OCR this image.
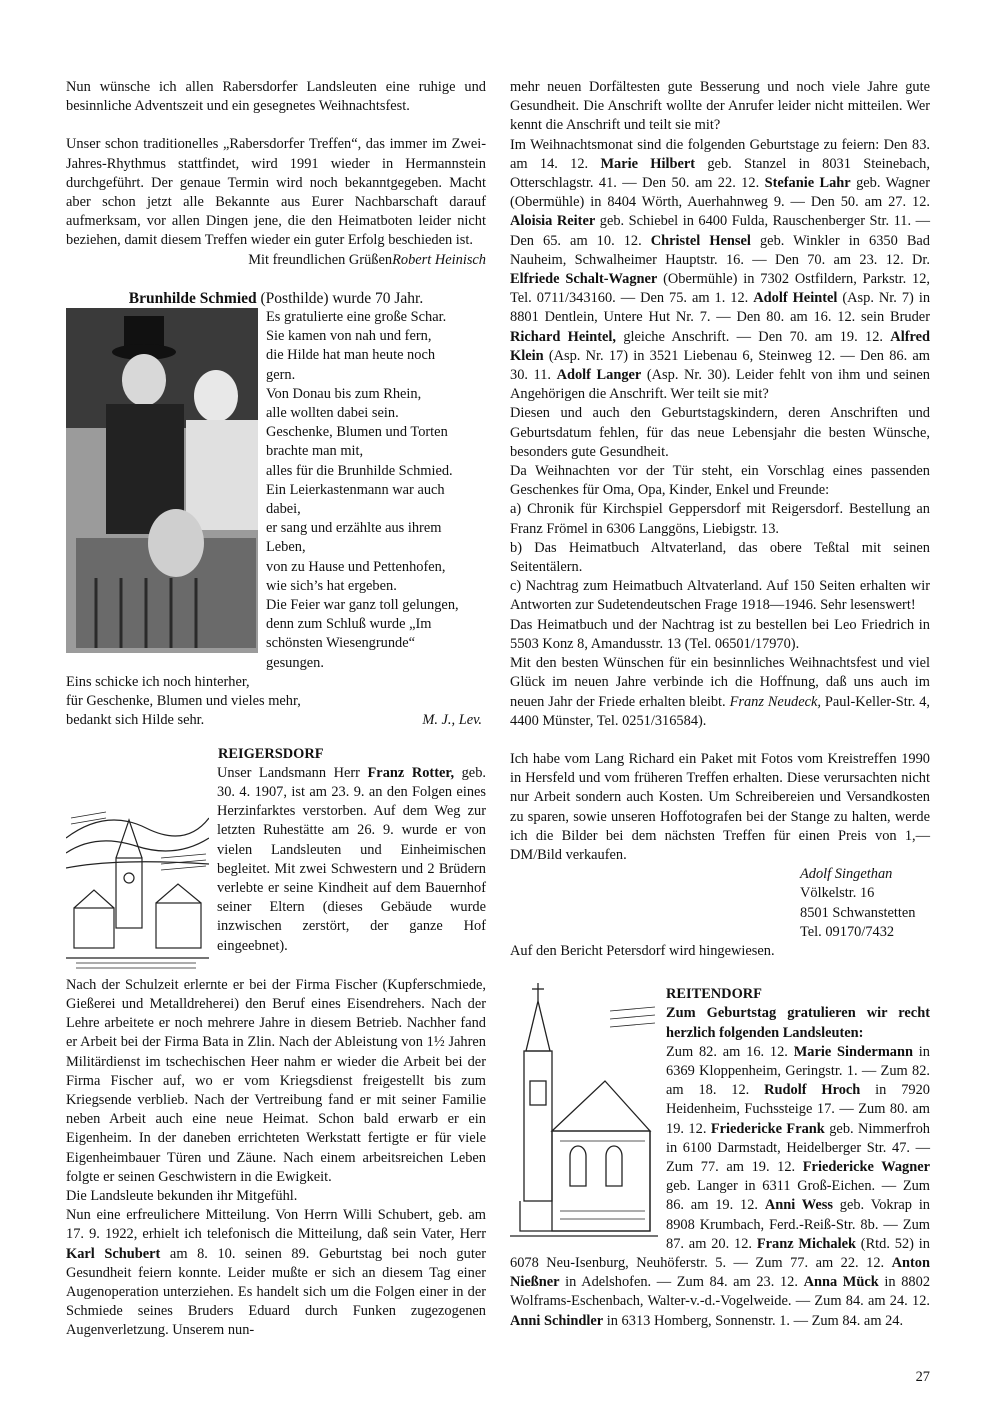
Nun wünsche ich allen Rabersdorfer Landsleuten eine ruhige und besinnliche Adventszeit und ein gesegnetes Weihnachtsfest.

Unser schon traditionelles „Rabersdorfer Treffen“, das immer im Zwei-Jahres-Rhythmus stattfindet, wird 1991 wieder in Hermannstein durchgeführt. Der genaue Termin wird noch bekanntgegeben. Macht aber schon jetzt alle Bekannte aus Eurer Nachbarschaft darauf aufmerksam, vor allen Dingen jene, die den Heimatboten leider nicht beziehen, damit diesem Treffen wieder ein guter Erfolg beschieden ist.

Mit freundlichen GrüßenRobert Heinisch

Brunhilde Schmied (Posthilde) wurde 70 Jahr.

Es gratulierte eine große Schar.

Sie kamen von nah und fern,

die Hilde hat man heute noch

gern.

Von Donau bis zum Rhein,

alle wollten dabei sein.

Geschenke, Blumen und Torten

brachte man mit,

alles für die Brunhilde Schmied.

Ein Leierkastenmann war auch

dabei,

er sang und erzählte aus ihrem

Leben,

von zu Hause und Pettenhofen,

wie sich’s hat ergeben.

Die Feier war ganz toll gelungen,

denn zum Schluß wurde „Im

schönsten Wiesengrunde“

gesungen.

Eins schicke ich noch hinterher,

für Geschenke, Blumen und vieles mehr,

bedankt sich Hilde sehr.	M. J., Lev.

REIGERSDORF

Unser Landsmann Herr Franz Rotter, geb. 30. 4. 1907, ist am 23. 9. an den Folgen eines Herzinfarktes verstorben. Auf dem Weg zur letzten Ruhestätte am 26. 9. wurde er von vielen Landsleuten und Einheimischen begleitet. Mit zwei Schwestern und 2 Brüdern verlebte er seine Kindheit auf dem Bauernhof seiner Eltern (dieses Gebäude wurde inzwischen zerstört, der ganze Hof eingeebnet).

Nach der Schulzeit erlernte er bei der Firma Fischer (Kupferschmiede, Gießerei und Metalldreherei) den Beruf eines Eisendrehers. Nach der Lehre arbeitete er noch mehrere Jahre in diesem Betrieb. Nachher fand er Arbeit bei der Firma Bata in Zlin. Nach der Ableistung von 1½ Jahren Militärdienst im tschechischen Heer nahm er wieder die Arbeit bei der Firma Fischer auf, wo er vom Kriegsdienst freigestellt bis zum Kriegsende verblieb. Nach der Vertreibung fand er mit seiner Familie neben Arbeit auch eine neue Heimat. Schon bald erwarb er ein Eigenheim. In der daneben errichteten Werkstatt fertigte er für viele Eigenheimbauer Türen und Zäune. Nach einem arbeitsreichen Leben folgte er seinen Geschwistern in die Ewigkeit.

Die Landsleute bekunden ihr Mitgefühl.

Nun eine erfreulichere Mitteilung. Von Herrn Willi Schubert, geb. am 17. 9. 1922, erhielt ich telefonisch die Mitteilung, daß sein Vater, Herr Karl Schubert am 8. 10. seinen 89. Geburtstag bei noch guter Gesundheit feiern konnte. Leider mußte er sich an diesem Tag einer Augenoperation unterziehen. Es handelt sich um die Folgen einer in der Schmiede seines Bruders Eduard durch Funken zugezogenen Augenverletzung. Unserem nun-

mehr neuen Dorfältesten gute Besserung und noch viele Jahre gute Gesundheit. Die Anschrift wollte der Anrufer leider nicht mitteilen. Wer kennt die Anschrift und teilt sie mit?

Im Weihnachtsmonat sind die folgenden Geburtstage zu feiern: Den 83. am 14. 12. Marie Hilbert geb. Stanzel in 8031 Steinebach, Otterschlagstr. 41. — Den 50. am 22. 12. Stefanie Lahr geb. Wagner (Obermühle) in 8404 Wörth, Auerhahnweg 9. — Den 50. am 27. 12. Aloisia Reiter geb. Schiebel in 6400 Fulda, Rauschenberger Str. 11. — Den 65. am 10. 12. Christel Hensel geb. Winkler in 6350 Bad Nauheim, Schwalheimer Hauptstr. 16. — Den 70. am 23. 12. Dr. Elfriede Schalt-Wagner (Obermühle) in 7302 Ostfildern, Parkstr. 12, Tel. 0711/343160. — Den 75. am 1. 12. Adolf Heintel (Asp. Nr. 7) in 8801 Dentlein, Untere Hut Nr. 7. — Den 80. am 16. 12. sein Bruder Richard Heintel, gleiche Anschrift. — Den 70. am 19. 12. Alfred Klein (Asp. Nr. 17) in 3521 Liebenau 6, Steinweg 12. — Den 86. am 30. 11. Adolf Langer (Asp. Nr. 30). Leider fehlt von ihm und seinen Angehörigen die Anschrift. Wer teilt sie mit?

Diesen und auch den Geburtstagskindern, deren Anschriften und Geburtsdatum fehlen, für das neue Lebensjahr die besten Wünsche, besonders gute Gesundheit.

Da Weihnachten vor der Tür steht, ein Vorschlag eines passenden Geschenkes für Oma, Opa, Kinder, Enkel und Freunde:

a) Chronik für Kirchspiel Geppersdorf mit Reigersdorf. Bestellung an Franz Frömel in 6306 Langgöns, Liebigstr. 13.

b) Das Heimatbuch Altvaterland, das obere Teßtal mit seinen Seitentälern.

c) Nachtrag zum Heimatbuch Altvaterland. Auf 150 Seiten erhalten wir Antworten zur Sudetendeutschen Frage 1918—1946. Sehr lesenswert!

Das Heimatbuch und der Nachtrag ist zu bestellen bei Leo Friedrich in 5503 Konz 8, Amandusstr. 13 (Tel. 06501/17970).

Mit den besten Wünschen für ein besinnliches Weihnachtsfest und viel Glück im neuen Jahre verbinde ich die Hoffnung, daß uns auch im neuen Jahr der Friede erhalten bleibt. Franz Neudeck, Paul-Keller-Str. 4, 4400 Münster, Tel. 0251/316584).

Ich habe vom Lang Richard ein Paket mit Fotos vom Kreistreffen 1990 in Hersfeld und vom früheren Treffen erhalten. Diese verursachten nicht nur Arbeit sondern auch Kosten. Um Schreibereien und Versandkosten zu sparen, sowie unseren Hoffotografen bei der Stange zu halten, werde ich die Bilder bei dem nächsten Treffen für einen Preis von 1,— DM/Bild verkaufen.

Adolf Singethan

Völkelstr. 16

8501 Schwanstetten

Tel. 09170/7432

Auf den Bericht Petersdorf wird hingewiesen.

REITENDORF

Zum Geburtstag gratulieren wir recht herzlich folgenden Landsleuten:

Zum 82. am 16. 12. Marie Sindermann in 6369 Kloppenheim, Geringstr. 1. — Zum 82. am 18. 12. Rudolf Hroch in 7920 Heidenheim, Fuchssteige 17. — Zum 80. am 19. 12. Friedericke Frank geb. Nimmerfroh in 6100 Darmstadt, Heidelberger Str. 47. — Zum 77. am 19. 12. Friedericke Wagner geb. Langer in 6311 Groß-Eichen. — Zum 86. am 19. 12. Anni Wess geb. Vokrap in 8908 Krumbach, Ferd.-Reiß-Str. 8b. — Zum 87. am 20. 12. Franz Michalek (Rtd. 52) in 6078 Neu-Isenburg, Neuhöferstr. 5. — Zum 77. am 22. 12. Anton Nießner in Adelshofen. — Zum 84. am 23. 12. Anna Mück in 8802 Wolframs-Eschenbach, Walter-v.-d.-Vogelweide. — Zum 84. am 24. 12. Anni Schindler in 6313 Homberg, Sonnenstr. 1. — Zum 84. am 24.

27
